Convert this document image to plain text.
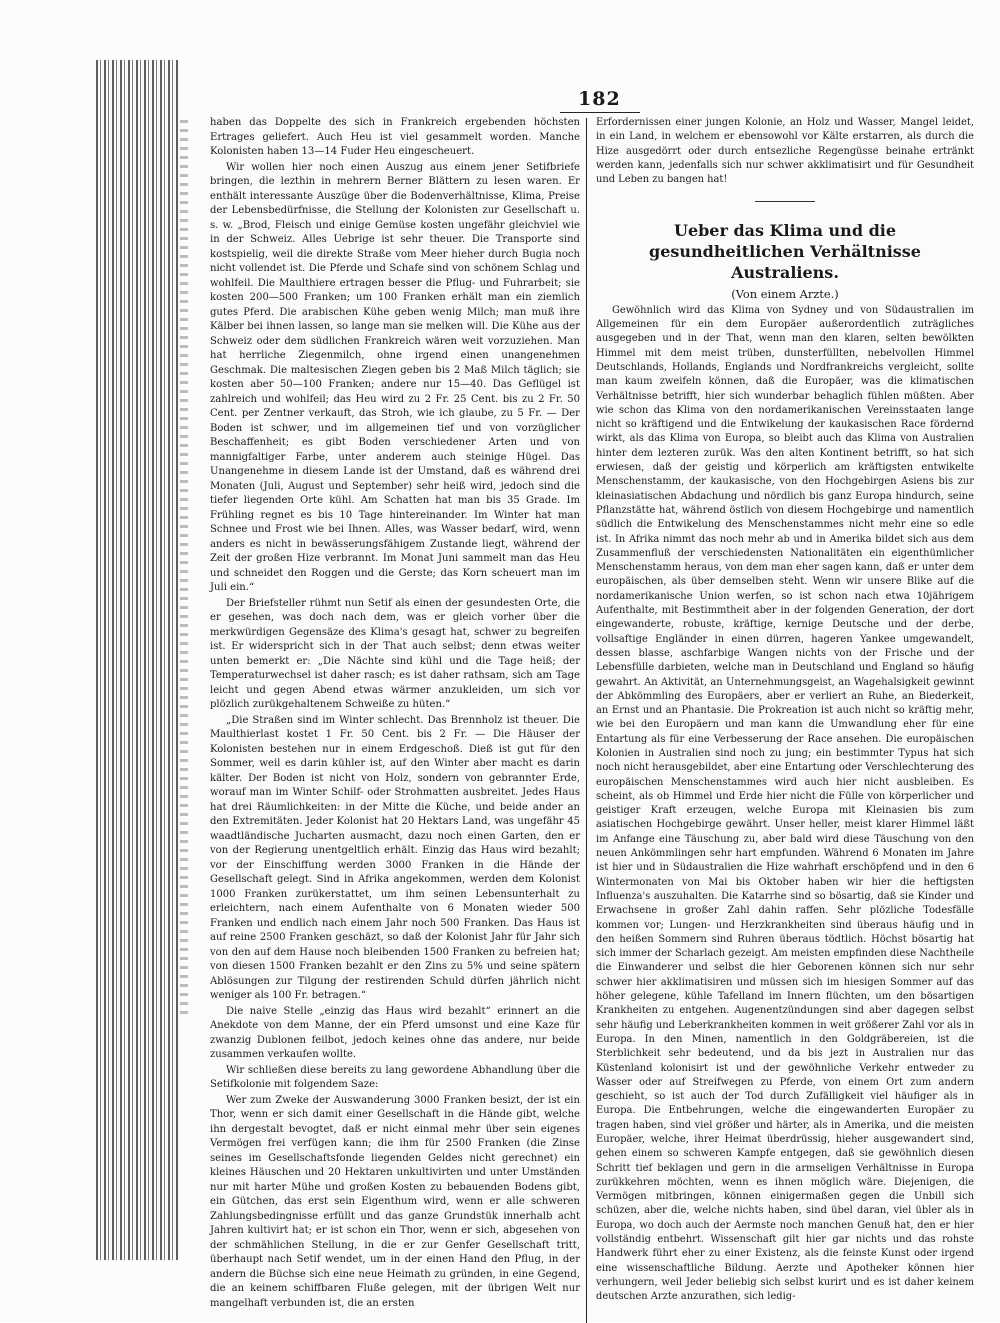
182

haben das Doppelte des sich in Frankreich ergebenden höchsten Ertrages geliefert. Auch Heu ist viel gesammelt worden. Manche Kolonisten haben 13—14 Fuder Heu eingescheuert.

Wir wollen hier noch einen Auszug aus einem jener Setifbriefe bringen, die lezthin in mehrern Berner Blättern zu lesen waren. Er enthält interessante Auszüge über die Bodenverhältnisse, Klima, Preise der Lebensbedürfnisse, die Stellung der Kolonisten zur Gesellschaft u. s. w. „Brod, Fleisch und einige Gemüse kosten ungefähr gleichviel wie in der Schweiz. Alles Uebrige ist sehr theuer. Die Transporte sind kostspielig, weil die direkte Straße vom Meer hieher durch Bugia noch nicht vollendet ist. Die Pferde und Schafe sind von schönem Schlag und wohlfeil. Die Maulthiere ertragen besser die Pflug- und Fuhrarbeit; sie kosten 200—500 Franken; um 100 Franken erhält man ein ziemlich gutes Pferd. Die arabischen Kühe geben wenig Milch; man muß ihre Kälber bei ihnen lassen, so lange man sie melken will. Die Kühe aus der Schweiz oder dem südlichen Frankreich wären weit vorzuziehen. Man hat herrliche Ziegenmilch, ohne irgend einen unangenehmen Geschmak. Die maltesischen Ziegen geben bis 2 Maß Milch täglich; sie kosten aber 50—100 Franken; andere nur 15—40. Das Geflügel ist zahlreich und wohlfeil; das Heu wird zu 2 Fr. 25 Cent. bis zu 2 Fr. 50 Cent. per Zentner verkauft, das Stroh, wie ich glaube, zu 5 Fr. — Der Boden ist schwer, und im allgemeinen tief und von vorzüglicher Beschaffenheit; es gibt Boden verschiedener Arten und von mannigfaltiger Farbe, unter anderem auch steinige Hügel. Das Unangenehme in diesem Lande ist der Umstand, daß es während drei Monaten (Juli, August und September) sehr heiß wird, jedoch sind die tiefer liegenden Orte kühl. Am Schatten hat man bis 35 Grade. Im Frühling regnet es bis 10 Tage hintereinander. Im Winter hat man Schnee und Frost wie bei Ihnen. Alles, was Wasser bedarf, wird, wenn anders es nicht in bewässerungsfähigem Zustande liegt, während der Zeit der großen Hize verbrannt. Im Monat Juni sammelt man das Heu und schneidet den Roggen und die Gerste; das Korn scheuert man im Juli ein.“

Der Briefsteller rühmt nun Setif als einen der gesundesten Orte, die er gesehen, was doch nach dem, was er gleich vorher über die merkwürdigen Gegensäze des Klima's gesagt hat, schwer zu begreifen ist. Er widerspricht sich in der That auch selbst; denn etwas weiter unten bemerkt er: „Die Nächte sind kühl und die Tage heiß; der Temperaturwechsel ist daher rasch; es ist daher rathsam, sich am Tage leicht und gegen Abend etwas wärmer anzukleiden, um sich vor plözlich zurükgehaltenem Schweiße zu hüten.“

„Die Straßen sind im Winter schlecht. Das Brennholz ist theuer. Die Maulthierlast kostet 1 Fr. 50 Cent. bis 2 Fr. — Die Häuser der Kolonisten bestehen nur in einem Erdgeschoß. Dieß ist gut für den Sommer, weil es darin kühler ist, auf den Winter aber macht es darin kälter. Der Boden ist nicht von Holz, sondern von gebrannter Erde, worauf man im Winter Schilf- oder Strohmatten ausbreitet. Jedes Haus hat drei Räumlichkeiten: in der Mitte die Küche, und beide ander an den Extremitäten. Jeder Kolonist hat 20 Hektars Land, was ungefähr 45 waadtländische Jucharten ausmacht, dazu noch einen Garten, den er von der Regierung unentgeltlich erhält. Einzig das Haus wird bezahlt; vor der Einschiffung werden 3000 Franken in die Hände der Gesellschaft gelegt. Sind in Afrika angekommen, werden dem Kolonist 1000 Franken zurükerstattet, um ihm seinen Lebensunterhalt zu erleichtern, nach einem Aufenthalte von 6 Monaten wieder 500 Franken und endlich nach einem Jahr noch 500 Franken. Das Haus ist auf reine 2500 Franken geschäzt, so daß der Kolonist Jahr für Jahr sich von den auf dem Hause noch bleibenden 1500 Franken zu befreien hat; von diesen 1500 Franken bezahlt er den Zins zu 5% und seine spätern Ablösungen zur Tilgung der restirenden Schuld dürfen jährlich nicht weniger als 100 Fr. betragen.“

Die naive Stelle „einzig das Haus wird bezahlt“ erinnert an die Anekdote von dem Manne, der ein Pferd umsonst und eine Kaze für zwanzig Dublonen feilbot, jedoch keines ohne das andere, nur beide zusammen verkaufen wollte.

Wir schließen diese bereits zu lang gewordene Abhandlung über die Setifkolonie mit folgendem Saze:

Wer zum Zweke der Auswanderung 3000 Franken besizt, der ist ein Thor, wenn er sich damit einer Gesellschaft in die Hände gibt, welche ihn dergestalt bevogtet, daß er nicht einmal mehr über sein eigenes Vermögen frei verfügen kann; die ihm für 2500 Franken (die Zinse seines im Gesellschaftsfonde liegenden Geldes nicht gerechnet) ein kleines Häuschen und 20 Hektaren unkultivirten und unter Umständen nur mit harter Mühe und großen Kosten zu bebauenden Bodens gibt, ein Gütchen, das erst sein Eigenthum wird, wenn er alle schweren Zahlungsbedingnisse erfüllt und das ganze Grundstük innerhalb acht Jahren kultivirt hat; er ist schon ein Thor, wenn er sich, abgesehen von der schmählichen Stellung, in die er zur Genfer Gesellschaft tritt, überhaupt nach Setif wendet, um in der einen Hand den Pflug, in der andern die Büchse sich eine neue Heimath zu gründen, in eine Gegend, die an keinem schiffbaren Fluße gelegen, mit der übrigen Welt nur mangelhaft verbunden ist, die an ersten

Erfordernissen einer jungen Kolonie, an Holz und Wasser, Mangel leidet, in ein Land, in welchem er ebensowohl vor Kälte erstarren, als durch die Hize ausgedörrt oder durch entsezliche Regengüsse beinahe ertränkt werden kann, jedenfalls sich nur schwer akklimatisirt und für Gesundheit und Leben zu bangen hat!

Ueber das Klima und die gesundheitlichen Verhältnisse Australiens.
(Von einem Arzte.)

Gewöhnlich wird das Klima von Sydney und von Südaustralien im Allgemeinen für ein dem Europäer außerordentlich zuträgliches ausgegeben und in der That, wenn man den klaren, selten bewölkten Himmel mit dem meist trüben, dunsterfüllten, nebelvollen Himmel Deutschlands, Hollands, Englands und Nordfrankreichs vergleicht, sollte man kaum zweifeln können, daß die Europäer, was die klimatischen Verhältnisse betrifft, hier sich wunderbar behaglich fühlen müßten. Aber wie schon das Klima von den nordamerikanischen Vereinsstaaten lange nicht so kräftigend und die Entwikelung der kaukasischen Race fördernd wirkt, als das Klima von Europa, so bleibt auch das Klima von Australien hinter dem lezteren zurük. Was den alten Kontinent betrifft, so hat sich erwiesen, daß der geistig und körperlich am kräftigsten entwikelte Menschenstamm, der kaukasische, von den Hochgebirgen Asiens bis zur kleinasiatischen Abdachung und nördlich bis ganz Europa hindurch, seine Pflanzstätte hat, während östlich von diesem Hochgebirge und namentlich südlich die Entwikelung des Menschenstammes nicht mehr eine so edle ist. In Afrika nimmt das noch mehr ab und in Amerika bildet sich aus dem Zusammenfluß der verschiedensten Nationalitäten ein eigenthümlicher Menschenstamm heraus, von dem man eher sagen kann, daß er unter dem europäischen, als über demselben steht. Wenn wir unsere Blike auf die nordamerikanische Union werfen, so ist schon nach etwa 10jährigem Aufenthalte, mit Bestimmtheit aber in der folgenden Generation, der dort eingewanderte, robuste, kräftige, kernige Deutsche und der derbe, vollsaftige Engländer in einen dürren, hageren Yankee umgewandelt, dessen blasse, aschfarbige Wangen nichts von der Frische und der Lebensfülle darbieten, welche man in Deutschland und England so häufig gewahrt. An Aktivität, an Unternehmungsgeist, an Wagehalsigkeit gewinnt der Abkömmling des Europäers, aber er verliert an Ruhe, an Biederkeit, an Ernst und an Phantasie. Die Prokreation ist auch nicht so kräftig mehr, wie bei den Europäern und man kann die Umwandlung eher für eine Entartung als für eine Verbesserung der Race ansehen. Die europäischen Kolonien in Australien sind noch zu jung; ein bestimmter Typus hat sich noch nicht herausgebildet, aber eine Entartung oder Verschlechterung des europäischen Menschenstammes wird auch hier nicht ausbleiben. Es scheint, als ob Himmel und Erde hier nicht die Fülle von körperlicher und geistiger Kraft erzeugen, welche Europa mit Kleinasien bis zum asiatischen Hochgebirge gewährt. Unser heller, meist klarer Himmel läßt im Anfange eine Täuschung zu, aber bald wird diese Täuschung von den neuen Ankömmlingen sehr hart empfunden. Während 6 Monaten im Jahre ist hier und in Südaustralien die Hize wahrhaft erschöpfend und in den 6 Wintermonaten von Mai bis Oktober haben wir hier die heftigsten Influenza's auszuhalten. Die Katarrhe sind so bösartig, daß sie Kinder und Erwachsene in großer Zahl dahin raffen. Sehr plözliche Todesfälle kommen vor; Lungen- und Herzkrankheiten sind überaus häufig und in den heißen Sommern sind Ruhren überaus tödtlich. Höchst bösartig hat sich immer der Scharlach gezeigt. Am meisten empfinden diese Nachtheile die Einwanderer und selbst die hier Geborenen können sich nur sehr schwer hier akklimatisiren und müssen sich im hiesigen Sommer auf das höher gelegene, kühle Tafelland im Innern flüchten, um den bösartigen Krankheiten zu entgehen. Augenentzündungen sind aber dagegen selbst sehr häufig und Leberkrankheiten kommen in weit größerer Zahl vor als in Europa. In den Minen, namentlich in den Goldgräbereien, ist die Sterblichkeit sehr bedeutend, und da bis jezt in Australien nur das Küstenland kolonisirt ist und der gewöhnliche Verkehr entweder zu Wasser oder auf Streifwegen zu Pferde, von einem Ort zum andern geschieht, so ist auch der Tod durch Zufälligkeit viel häufiger als in Europa. Die Entbehrungen, welche die eingewanderten Europäer zu tragen haben, sind viel größer und härter, als in Amerika, und die meisten Europäer, welche, ihrer Heimat überdrüssig, hieher ausgewandert sind, gehen einem so schweren Kampfe entgegen, daß sie gewöhnlich diesen Schritt tief beklagen und gern in die armseligen Verhältnisse in Europa zurükkehren möchten, wenn es ihnen möglich wäre. Diejenigen, die Vermögen mitbringen, können einigermaßen gegen die Unbill sich schüzen, aber die, welche nichts haben, sind übel daran, viel übler als in Europa, wo doch auch der Aermste noch manchen Genuß hat, den er hier vollständig entbehrt. Wissenschaft gilt hier gar nichts und das rohste Handwerk führt eher zu einer Existenz, als die feinste Kunst oder irgend eine wissenschaftliche Bildung. Aerzte und Apotheker können hier verhungern, weil Jeder beliebig sich selbst kurirt und es ist daher keinem deutschen Arzte anzurathen, sich ledig-
